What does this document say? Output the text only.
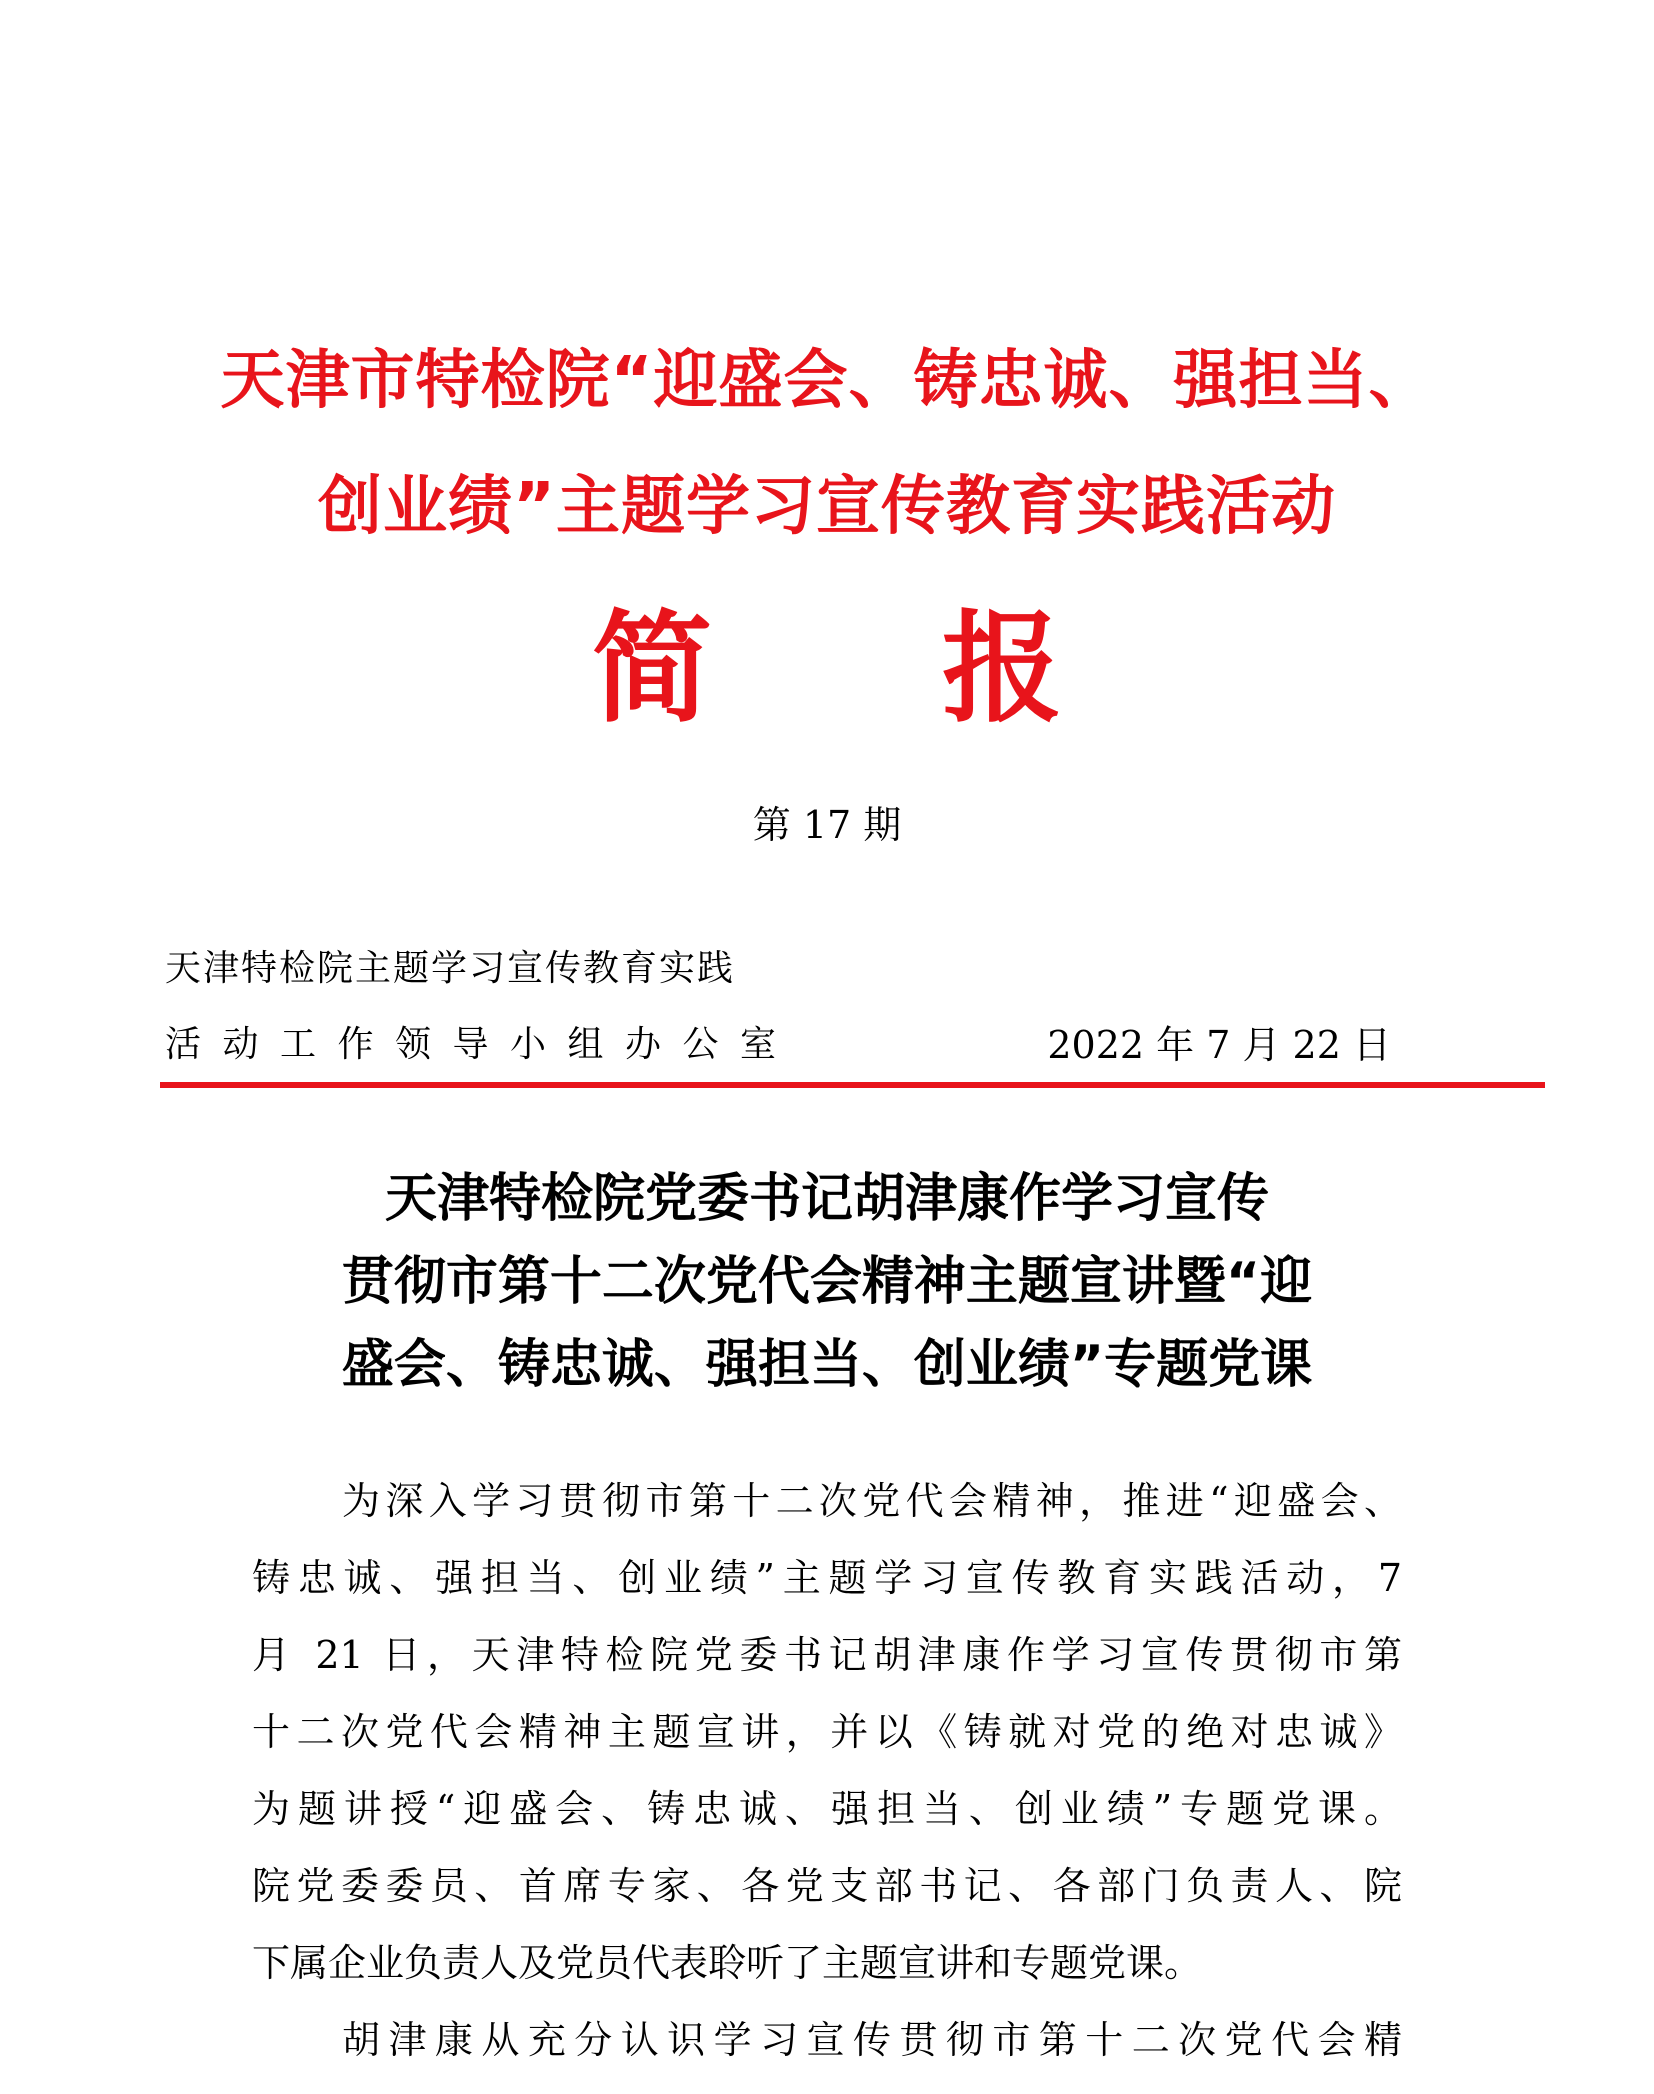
天津市特检院“迎盛会、铸忠诚、强担当、
创业绩”主题学习宣传教育实践活动
简报
第 17 期
天津特检院主题学习宣传教育实践
活动工作领导小组办公室	2022 年 7 月 22 日
天津特检院党委书记胡津康作学习宣传
贯彻市第十二次党代会精神主题宣讲暨“迎
盛会、铸忠诚、强担当、创业绩”专题党课

为深入学习贯彻市第十二次党代会精神，推进“迎盛会、

铸忠诚、强担当、创业绩”主题学习宣传教育实践活动，7

月 21 日，天津特检院党委书记胡津康作学习宣传贯彻市第

十二次党代会精神主题宣讲，并以《铸就对党的绝对忠诚》

为题讲授“迎盛会、铸忠诚、强担当、创业绩”专题党课。

院党委委员、首席专家、各党支部书记、各部门负责人、院

下属企业负责人及党员代表聆听了主题宣讲和专题党课。

胡津康从充分认识学习宣传贯彻市第十二次党代会精
